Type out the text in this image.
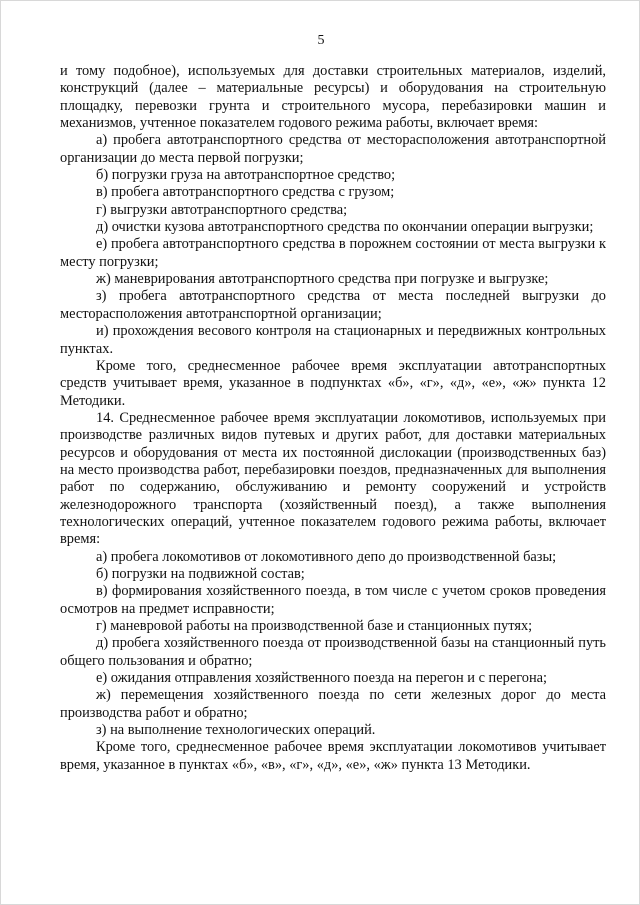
5

и тому подобное), используемых для доставки строительных материалов, изделий, конструкций (далее – материальные ресурсы) и оборудования на строительную площадку, перевозки грунта и строительного мусора, перебазировки машин и механизмов, учтенное показателем годового режима работы, включает время:

а) пробега автотранспортного средства от месторасположения автотранспортной организации до места первой погрузки;

б) погрузки груза на автотранспортное средство;

в) пробега автотранспортного средства с грузом;

г) выгрузки автотранспортного средства;

д) очистки кузова автотранспортного средства по окончании операции выгрузки;

е) пробега автотранспортного средства в порожнем состоянии от места выгрузки к месту погрузки;

ж) маневрирования автотранспортного средства при погрузке и выгрузке;

з) пробега автотранспортного средства от места последней выгрузки до месторасположения автотранспортной организации;

и) прохождения весового контроля на стационарных и передвижных контрольных пунктах.

Кроме того, среднесменное рабочее время эксплуатации автотранспортных средств учитывает время, указанное в подпунктах «б», «г», «д», «е», «ж» пункта 12 Методики.

14. Среднесменное рабочее время эксплуатации локомотивов, используемых при производстве различных видов путевых и других работ, для доставки материальных ресурсов и оборудования от места их постоянной дислокации (производственных баз) на место производства работ, перебазировки поездов, предназначенных для выполнения работ по содержанию, обслуживанию и ремонту сооружений и устройств железнодорожного транспорта (хозяйственный поезд), а также выполнения технологических операций, учтенное показателем годового режима работы, включает время:

а) пробега локомотивов от локомотивного депо до производственной базы;

б) погрузки на подвижной состав;

в) формирования хозяйственного поезда, в том числе с учетом сроков проведения осмотров на предмет исправности;

г) маневровой работы на производственной базе и станционных путях;

д) пробега хозяйственного поезда от производственной базы на станционный путь общего пользования и обратно;

е) ожидания отправления хозяйственного поезда на перегон и с перегона;

ж) перемещения хозяйственного поезда по сети железных дорог до места производства работ и обратно;

з) на выполнение технологических операций.

Кроме того, среднесменное рабочее время эксплуатации локомотивов учитывает время, указанное в пунктах «б», «в», «г», «д», «е», «ж» пункта 13 Методики.
